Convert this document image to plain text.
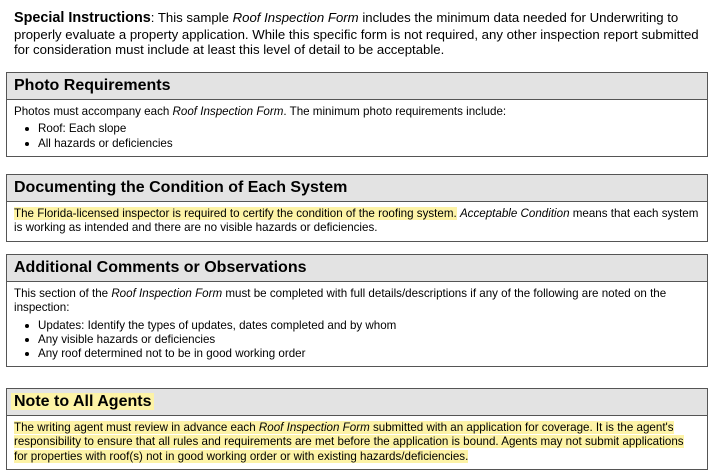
Special Instructions: This sample Roof Inspection Form includes the minimum data needed for Underwriting to properly evaluate a property application. While this specific form is not required, any other inspection report submitted for consideration must include at least this level of detail to be acceptable.
Photo Requirements
Photos must accompany each Roof Inspection Form. The minimum photo requirements include:
Roof: Each slope
All hazards or deficiencies
Documenting the Condition of Each System
The Florida-licensed inspector is required to certify the condition of the roofing system. Acceptable Condition means that each system is working as intended and there are no visible hazards or deficiencies.
Additional Comments or Observations
This section of the Roof Inspection Form must be completed with full details/descriptions if any of the following are noted on the inspection:
Updates: Identify the types of updates, dates completed and by whom
Any visible hazards or deficiencies
Any roof determined not to be in good working order
Note to All Agents
The writing agent must review in advance each Roof Inspection Form submitted with an application for coverage. It is the agent's responsibility to ensure that all rules and requirements are met before the application is bound. Agents may not submit applications for properties with roof(s) not in good working order or with existing hazards/deficiencies.
